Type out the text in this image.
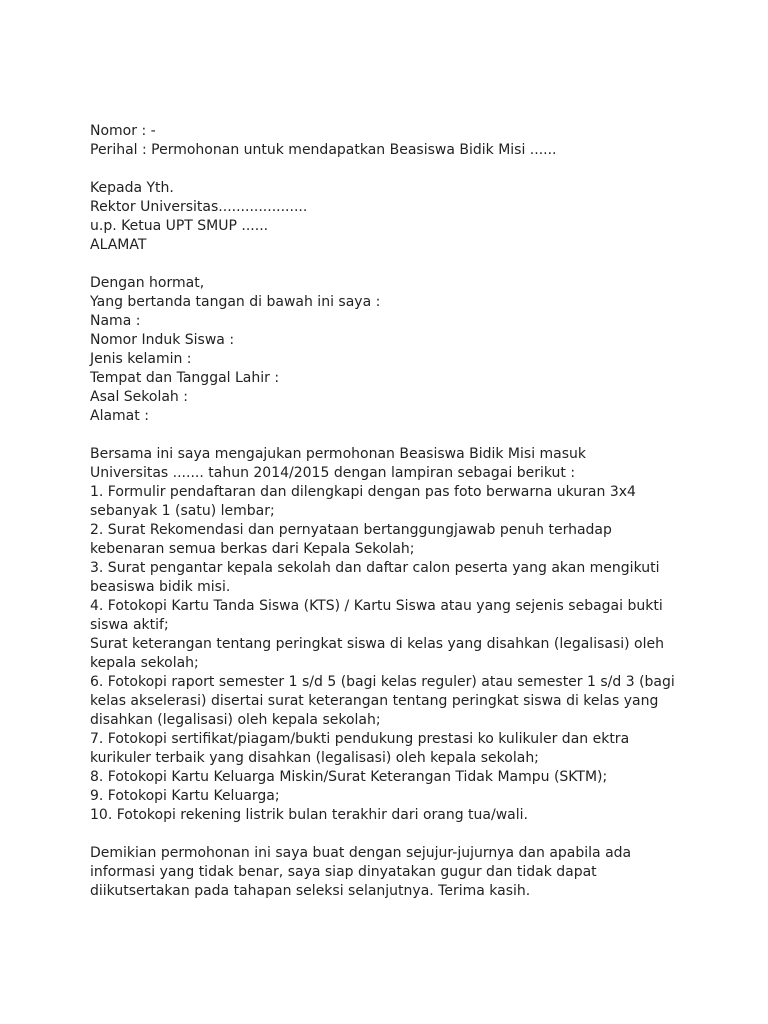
Nomor : -
Perihal : Permohonan untuk mendapatkan Beasiswa Bidik Misi ......
Kepada Yth.
Rektor Universitas....................
u.p. Ketua UPT SMUP ......
ALAMAT
Dengan hormat,
Yang bertanda tangan di bawah ini saya :
Nama :
Nomor Induk Siswa :
Jenis kelamin :
Tempat dan Tanggal Lahir :
Asal Sekolah :
Alamat :
Bersama ini saya mengajukan permohonan Beasiswa Bidik Misi masuk
Universitas ....... tahun 2014/2015 dengan lampiran sebagai berikut :
1. Formulir pendaftaran dan dilengkapi dengan pas foto berwarna ukuran 3x4
sebanyak 1 (satu) lembar;
2. Surat Rekomendasi dan pernyataan bertanggungjawab penuh terhadap
kebenaran semua berkas dari Kepala Sekolah;
3. Surat pengantar kepala sekolah dan daftar calon peserta yang akan mengikuti
beasiswa bidik misi.
4. Fotokopi Kartu Tanda Siswa (KTS) / Kartu Siswa atau yang sejenis sebagai bukti
siswa aktif;
Surat keterangan tentang peringkat siswa di kelas yang disahkan (legalisasi) oleh
kepala sekolah;
6. Fotokopi raport semester 1 s/d 5 (bagi kelas reguler) atau semester 1 s/d 3 (bagi
kelas akselerasi) disertai surat keterangan tentang peringkat siswa di kelas yang
disahkan (legalisasi) oleh kepala sekolah;
7. Fotokopi sertifikat/piagam/bukti pendukung prestasi ko kulikuler dan ektra
kurikuler terbaik yang disahkan (legalisasi) oleh kepala sekolah;
8. Fotokopi Kartu Keluarga Miskin/Surat Keterangan Tidak Mampu (SKTM);
9. Fotokopi Kartu Keluarga;
10. Fotokopi rekening listrik bulan terakhir dari orang tua/wali.
Demikian permohonan ini saya buat dengan sejujur-jujurnya dan apabila ada
informasi yang tidak benar, saya siap dinyatakan gugur dan tidak dapat
diikutsertakan pada tahapan seleksi selanjutnya. Terima kasih.
